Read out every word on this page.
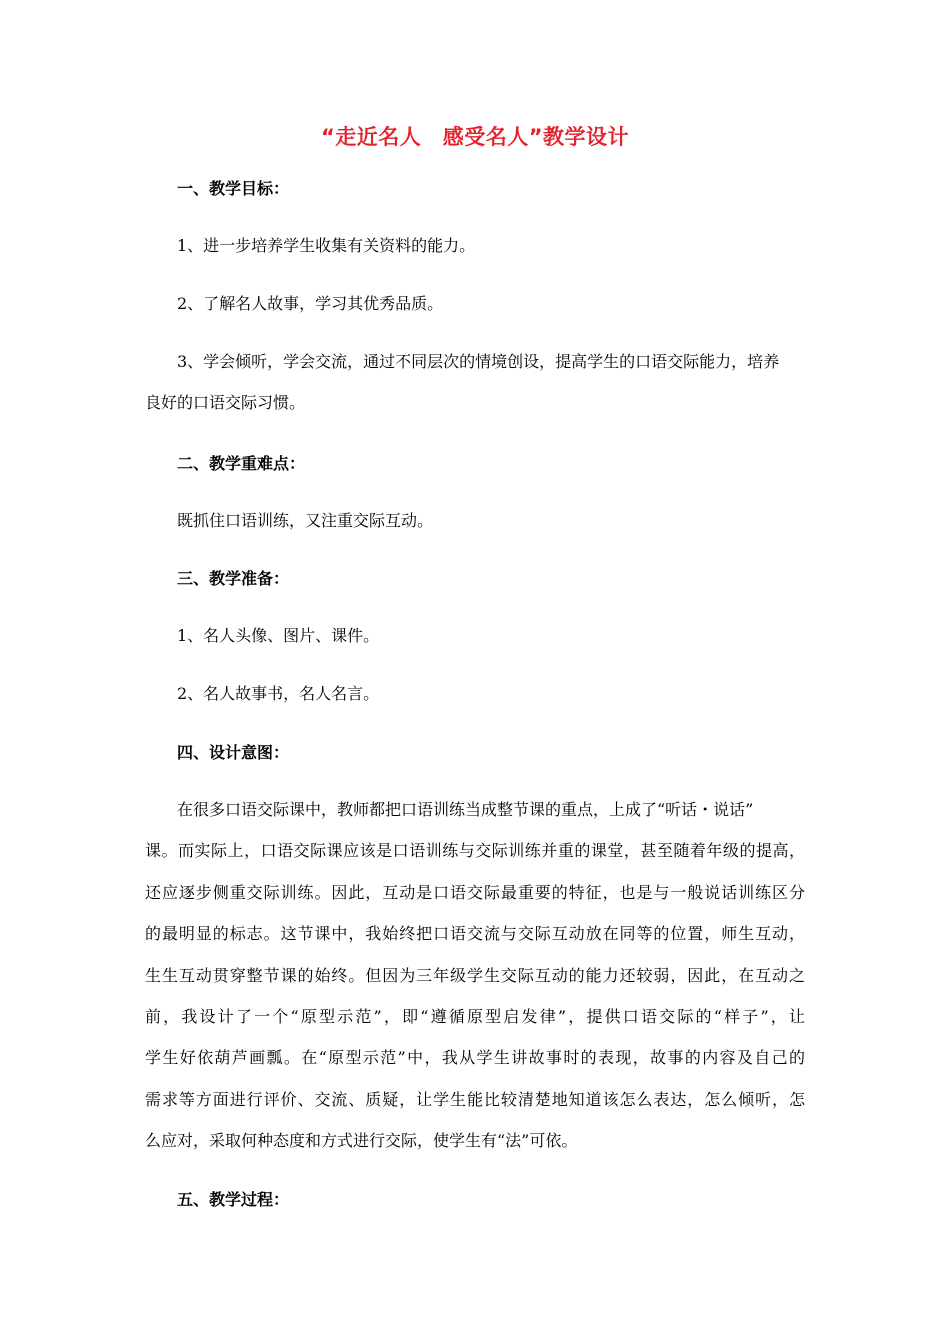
“走近名人　感受名人”教学设计
一、教学目标：
1、进一步培养学生收集有关资料的能力。
2、了解名人故事，学习其优秀品质。
3、学会倾听，学会交流，通过不同层次的情境创设，提高学生的口语交际能力，培养
良好的口语交际习惯。
二、教学重难点：
既抓住口语训练，又注重交际互动。
三、教学准备：
1、名人头像、图片、课件。
2、名人故事书，名人名言。
四、设计意图：
在很多口语交际课中，教师都把口语训练当成整节课的重点，上成了“听话・说话”
课。而实际上，口语交际课应该是口语训练与交际训练并重的课堂，甚至随着年级的提高，
还应逐步侧重交际训练。因此，互动是口语交际最重要的特征，也是与一般说话训练区分
的最明显的标志。这节课中，我始终把口语交流与交际互动放在同等的位置，师生互动，
生生互动贯穿整节课的始终。但因为三年级学生交际互动的能力还较弱，因此，在互动之
前，我设计了一个“原型示范”，即“遵循原型启发律”，提供口语交际的“样子”，让
学生好依葫芦画瓢。在“原型示范”中，我从学生讲故事时的表现，故事的内容及自己的
需求等方面进行评价、交流、质疑，让学生能比较清楚地知道该怎么表达，怎么倾听，怎
么应对，采取何种态度和方式进行交际，使学生有“法”可依。
五、教学过程：
